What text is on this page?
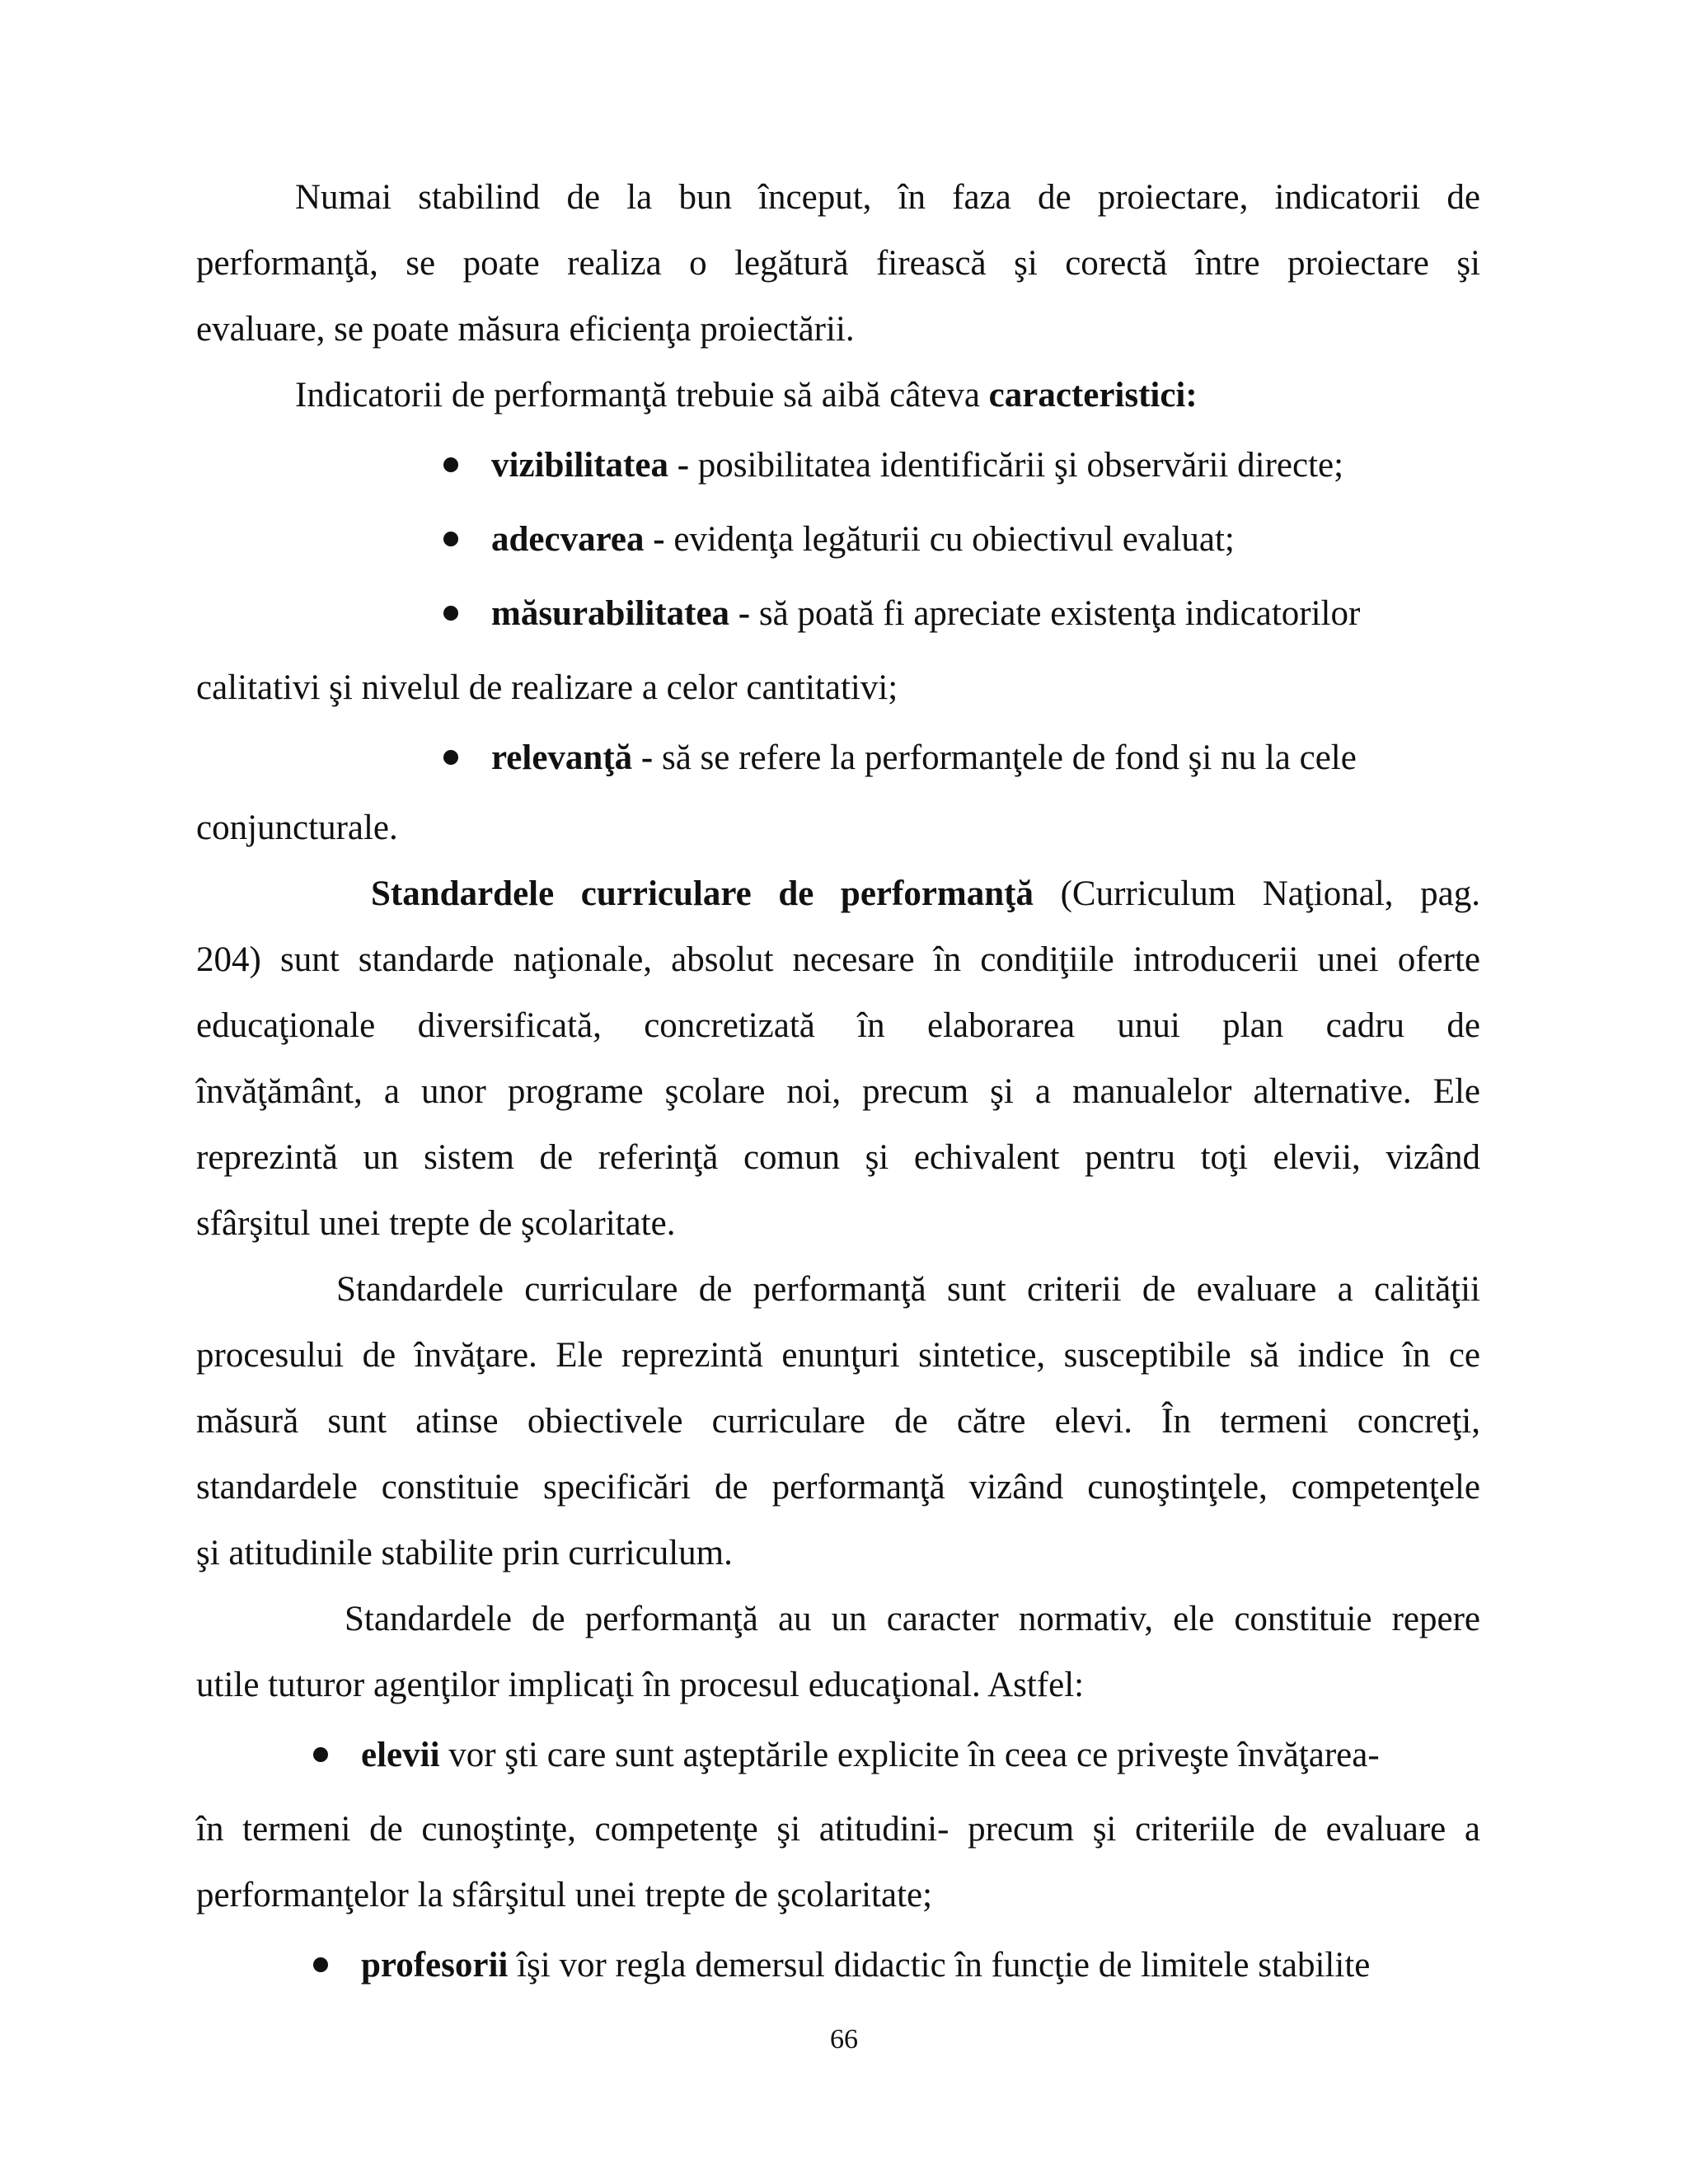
Numai stabilind de la bun început, în faza de proiectare, indicatorii de

performanţă, se poate realiza o legătură firească şi corectă între proiectare şi

evaluare, se poate măsura eficienţa proiectării.

Indicatorii de performanţă trebuie să aibă câteva caracteristici:

vizibilitatea - posibilitatea identificării şi observării directe;

adecvarea - evidenţa legăturii cu obiectivul evaluat;

măsurabilitatea - să poată fi apreciate existenţa indicatorilor

calitativi şi nivelul de realizare a celor cantitativi;

relevanţă - să se refere la performanţele de fond şi nu la cele

conjuncturale.

Standardele curriculare de performanţă (Curriculum Naţional, pag.

204) sunt standarde naţionale, absolut necesare în condiţiile introducerii unei oferte

educaţionale diversificată, concretizată în elaborarea unui plan cadru de

învăţământ, a unor programe şcolare noi, precum şi a manualelor alternative. Ele

reprezintă un sistem de referinţă comun şi echivalent pentru toţi elevii, vizând

sfârşitul unei trepte de şcolaritate.

Standardele curriculare de performanţă sunt criterii de evaluare a calităţii

procesului de învăţare. Ele reprezintă enunţuri sintetice, susceptibile să indice în ce

măsură sunt atinse obiectivele curriculare de către elevi. În termeni concreţi,

standardele constituie specificări de performanţă vizând cunoştinţele, competenţele

şi atitudinile stabilite prin curriculum.

Standardele de performanţă au un caracter normativ, ele constituie repere

utile tuturor agenţilor implicaţi în procesul educaţional. Astfel:

elevii vor şti care sunt aşteptările explicite în ceea ce priveşte învăţarea-

în termeni de cunoştinţe, competenţe şi atitudini- precum şi criteriile de evaluare a

performanţelor la sfârşitul unei trepte de şcolaritate;

profesorii îşi vor regla demersul didactic în funcţie de limitele stabilite

66
